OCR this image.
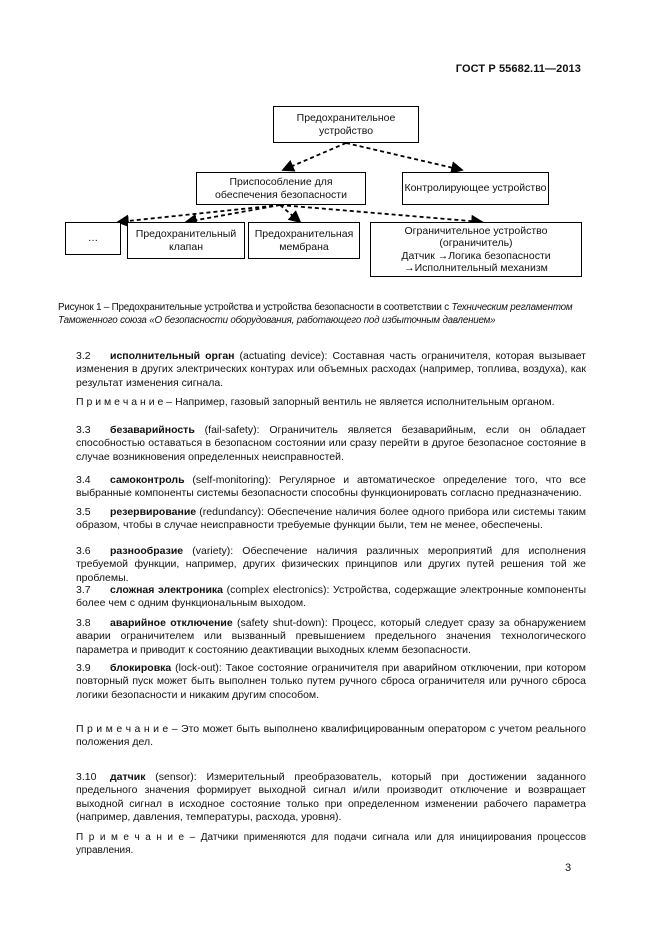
ГОСТ Р 55682.11—2013
Предохранительное устройство
Приспособление для обеспечения безопасности
Контролирующее устройство
…	Предохранительный клапан
Предохранительная мембрана
Ограничительное устройство
(ограничитель)
Датчик →Логика безопасности
→Исполнительный механизм
Рисунок 1 – Предохранительные устройства и устройства безопасности в соответствии с Техническим регламентом Таможенного союза «О безопасности оборудования, работающего под избыточным давлением»
3.2 исполнительный орган (actuating device): Составная часть ограничителя, которая вызывает изменения в других электрических контурах или объемных расходах (например, топлива, воздуха), как результат изменения сигнала.
П р и м е ч а н и е – Например, газовый запорный вентиль не является исполнительным органом.
3.3 безаварийность (fail-safety): Ограничитель является безаварийным, если он обладает способностью оставаться в безопасном состоянии или сразу перейти в другое безопасное состояние в случае возникновения определенных неисправностей.
3.4 самоконтроль (self-monitoring): Регулярное и автоматическое определение того, что все выбранные компоненты системы безопасности способны функционировать согласно предназначению.
3.5 резервирование (redundancy): Обеспечение наличия более одного прибора или системы таким образом, чтобы в случае неисправности требуемые функции были, тем не менее, обеспечены.
3.6 разнообразие (variety): Обеспечение наличия различных мероприятий для исполнения требуемой функции, например, других физических принципов или других путей решения той же проблемы.
3.7 сложная электроника (complex electronics): Устройства, содержащие электронные компоненты более чем с одним функциональным выходом.
3.8 аварийное отключение (safety shut-down): Процесс, который следует сразу за обнаружением аварии ограничителем или вызванный превышением предельного значения технологического параметра и приводит к состоянию деактивации выходных клемм безопасности.
3.9 блокировка (lock-out): Такое состояние ограничителя при аварийном отключении, при котором повторный пуск может быть выполнен только путем ручного сброса ограничителя или ручного сброса логики безопасности и никаким другим способом.
П р и м е ч а н и е – Это может быть выполнено квалифицированным оператором с учетом реального положения дел.
3.10 датчик (sensor): Измерительный преобразователь, который при достижении заданного предельного значения формирует выходной сигнал и/или производит отключение и возвращает выходной сигнал в исходное состояние только при определенном изменении рабочего параметра (например, давления, температуры, расхода, уровня).
П р и м е ч а н и е – Датчики применяются для подачи сигнала или для инициирования процессов управления.
3
